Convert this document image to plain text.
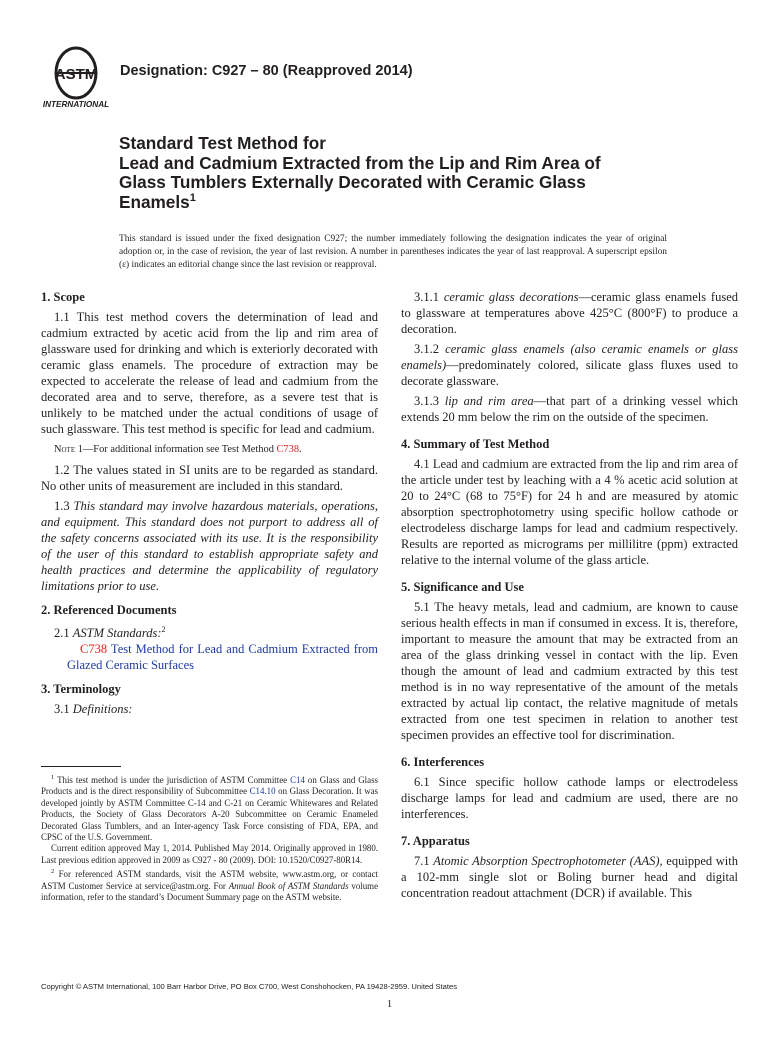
ASTM
INTERNATIONAL
Designation: C927 – 80 (Reapproved 2014)
Standard Test Method for
Lead and Cadmium Extracted from the Lip and Rim Area of
Glass Tumblers Externally Decorated with Ceramic Glass
Enamels$^1$
This standard is issued under the fixed designation C927; the number immediately following the designation indicates the year of original adoption or, in the case of revision, the year of last revision. A number in parentheses indicates the year of last reapproval. A superscript epsilon (ε) indicates an editorial change since the last revision or reapproval.
1. Scope

1.1 This test method covers the determination of lead and cadmium extracted by acetic acid from the lip and rim area of glassware used for drinking and which is exteriorly decorated with ceramic glass enamels. The procedure of extraction may be expected to accelerate the release of lead and cadmium from the decorated area and to serve, therefore, as a severe test that is unlikely to be matched under the actual conditions of usage of such glassware. This test method is specific for lead and cadmium.

Note 1—For additional information see Test Method C738.

1.2 The values stated in SI units are to be regarded as standard. No other units of measurement are included in this standard.

1.3 This standard may involve hazardous materials, operations, and equipment. This standard does not purport to address all of the safety concerns associated with its use. It is the responsibility of the user of this standard to establish appropriate safety and health practices and determine the applicability of regulatory limitations prior to use.

2. Referenced Documents

2.1 ASTM Standards:$^2$

C738 Test Method for Lead and Cadmium Extracted from Glazed Ceramic Surfaces

3. Terminology

3.1 Definitions:

$^1$ This test method is under the jurisdiction of ASTM Committee C14 on Glass and Glass Products and is the direct responsibility of Subcommittee C14.10 on Glass Decoration. It was developed jointly by ASTM Committee C-14 and C-21 on Ceramic Whitewares and Related Products, the Society of Glass Decorators A-20 Subcommittee on Ceramic Enameled Decorated Glass Tumblers, and an Inter-agency Task Force consisting of FDA, EPA, and CPSC of the U.S. Government.

Current edition approved May 1, 2014. Published May 2014. Originally approved in 1980. Last previous edition approved in 2009 as C927 - 80 (2009). DOI: 10.1520/C0927-80R14.

$^2$ For referenced ASTM standards, visit the ASTM website, www.astm.org, or contact ASTM Customer Service at service@astm.org. For Annual Book of ASTM Standards volume information, refer to the standard’s Document Summary page on the ASTM website.

3.1.1 ceramic glass decorations—ceramic glass enamels fused to glassware at temperatures above 425°C (800°F) to produce a decoration.

3.1.2 ceramic glass enamels (also ceramic enamels or glass enamels)—predominately colored, silicate glass fluxes used to decorate glassware.

3.1.3 lip and rim area—that part of a drinking vessel which extends 20 mm below the rim on the outside of the specimen.

4. Summary of Test Method

4.1 Lead and cadmium are extracted from the lip and rim area of the article under test by leaching with a 4 % acetic acid solution at 20 to 24°C (68 to 75°F) for 24 h and are measured by atomic absorption spectrophotometry using specific hollow cathode or electrodeless discharge lamps for lead and cadmium respectively. Results are reported as micrograms per millilitre (ppm) extracted relative to the internal volume of the glass article.

5. Significance and Use

5.1 The heavy metals, lead and cadmium, are known to cause serious health effects in man if consumed in excess. It is, therefore, important to measure the amount that may be extracted from an area of the glass drinking vessel in contact with the lip. Even though the amount of lead and cadmium extracted by this test method is in no way representative of the amount of the metals extracted by actual lip contact, the relative magnitude of metals extracted from one test specimen in relation to another test specimen provides an effective tool for discrimination.

6. Interferences

6.1 Since specific hollow cathode lamps or electrodeless discharge lamps for lead and cadmium are used, there are no interferences.

7. Apparatus

7.1 Atomic Absorption Spectrophotometer (AAS), equipped with a 102-mm single slot or Boling burner head and digital concentration readout attachment (DCR) if available. This

Copyright © ASTM International, 100 Barr Harbor Drive, PO Box C700, West Conshohocken, PA 19428-2959. United States
1
